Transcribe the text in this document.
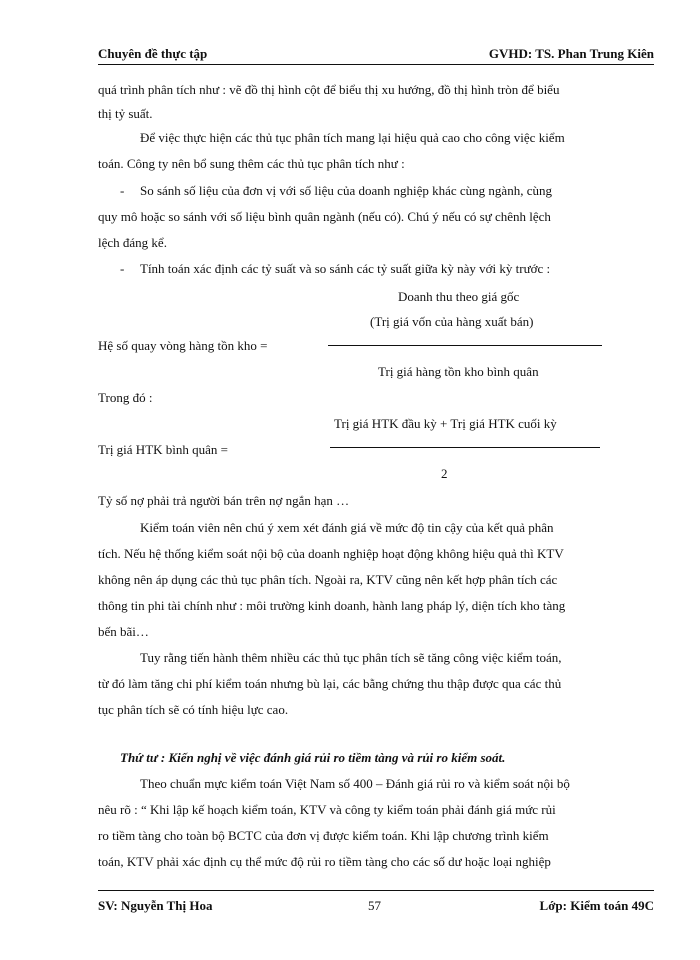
Chuyên đề thực tập	GVHD: TS. Phan Trung Kiên
quá trình phân tích như : vẽ đồ thị hình cột để biểu thị xu hướng, đồ thị hình tròn để biểu
thị tỷ suất.
Để việc thực hiện các thủ tục phân tích mang lại hiệu quả cao cho công việc kiểm
toán. Công ty nên bổ sung thêm các thủ tục phân tích như :
- So sánh số liệu của đơn vị với số liệu của doanh nghiệp khác cùng ngành, cùng
quy mô hoặc so sánh với số liệu bình quân ngành (nếu có). Chú ý nếu có sự chênh lệch
lệch đáng kể.
- Tính toán xác định các tỷ suất và so sánh các tỷ suất giữa kỳ này với kỳ trước :
Doanh thu theo giá gốc
(Trị giá vốn của hàng xuất bán)
Hệ số quay vòng hàng tồn kho =
Trị giá hàng tồn kho bình quân
Trong đó :
Trị giá HTK đầu kỳ + Trị giá HTK cuối kỳ
Trị giá HTK bình quân =
2
Tỷ số nợ phải trả người bán trên nợ ngắn hạn …
Kiểm toán viên nên chú ý xem xét đánh giá về mức độ tin cậy của kết quả phân
tích. Nếu hệ thống kiểm soát nội bộ của doanh nghiệp hoạt động không hiệu quả thì KTV
không nên áp dụng các thủ tục phân tích. Ngoài ra, KTV cũng nên kết hợp phân tích các
thông tin phi tài chính như : môi trường kinh doanh, hành lang pháp lý, diện tích kho tàng
bến bãi…
Tuy rằng tiến hành thêm nhiều các thủ tục phân tích sẽ tăng công việc kiểm toán,
từ đó làm tăng chi phí kiểm toán nhưng bù lại, các bằng chứng thu thập được qua các thủ
tục phân tích sẽ có tính hiệu lực cao.
Thứ tư : Kiến nghị về việc đánh giá rủi ro tiềm tàng và rủi ro kiểm soát.
Theo chuẩn mực kiểm toán Việt Nam số 400 – Đánh giá rủi ro và kiểm soát nội bộ
nêu rõ : “ Khi lập kế hoạch kiểm toán, KTV và công ty kiểm toán phải đánh giá mức rủi
ro tiềm tàng cho toàn bộ BCTC của đơn vị được kiểm toán. Khi lập chương trình kiểm
toán, KTV phải xác định cụ thể mức độ rủi ro tiềm tàng cho các số dư hoặc loại nghiệp
SV: Nguyễn Thị Hoa	57	Lớp: Kiểm toán 49C
